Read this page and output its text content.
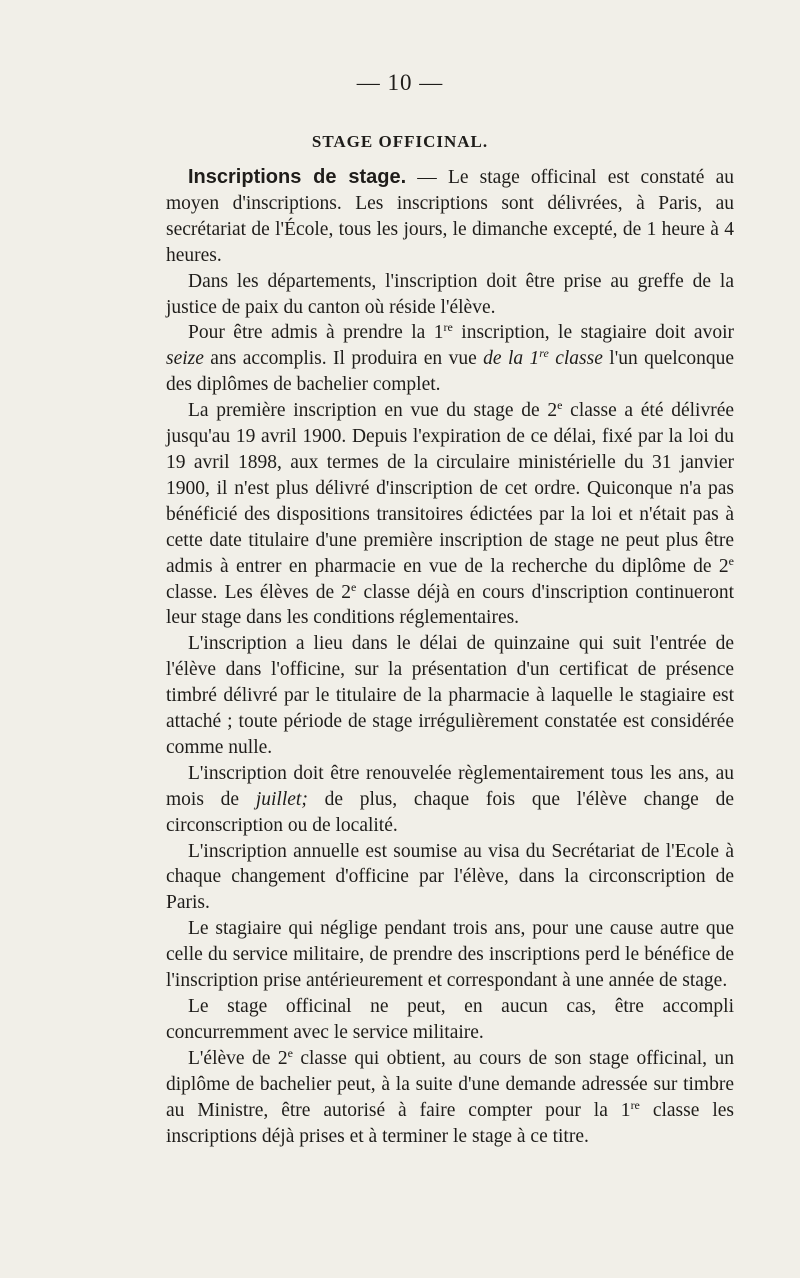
— 10 —
STAGE OFFICINAL.

Inscriptions de stage. — Le stage officinal est constaté au moyen d'inscriptions. Les inscriptions sont délivrées, à Paris, au secrétariat de l'École, tous les jours, le dimanche excepté, de 1 heure à 4 heures.

Dans les départements, l'inscription doit être prise au greffe de la justice de paix du canton où réside l'élève.

Pour être admis à prendre la 1re inscription, le stagiaire doit avoir seize ans accomplis. Il produira en vue de la 1re classe l'un quelconque des diplômes de bachelier complet.

La première inscription en vue du stage de 2e classe a été délivrée jusqu'au 19 avril 1900. Depuis l'expiration de ce délai, fixé par la loi du 19 avril 1898, aux termes de la circulaire ministérielle du 31 janvier 1900, il n'est plus délivré d'inscription de cet ordre. Quiconque n'a pas bénéficié des dispositions transitoires édictées par la loi et n'était pas à cette date titulaire d'une première inscription de stage ne peut plus être admis à entrer en pharmacie en vue de la recherche du diplôme de 2e classe. Les élèves de 2e classe déjà en cours d'inscription continueront leur stage dans les conditions réglementaires.

L'inscription a lieu dans le délai de quinzaine qui suit l'entrée de l'élève dans l'officine, sur la présentation d'un certificat de présence timbré délivré par le titulaire de la pharmacie à laquelle le stagiaire est attaché ; toute période de stage irrégulièrement constatée est considérée comme nulle.

L'inscription doit être renouvelée règlementairement tous les ans, au mois de juillet; de plus, chaque fois que l'élève change de circonscription ou de localité.

L'inscription annuelle est soumise au visa du Secrétariat de l'Ecole à chaque changement d'officine par l'élève, dans la circonscription de Paris.

Le stagiaire qui néglige pendant trois ans, pour une cause autre que celle du service militaire, de prendre des inscriptions perd le bénéfice de l'inscription prise antérieurement et correspondant à une année de stage.

Le stage officinal ne peut, en aucun cas, être accompli concurremment avec le service militaire.

L'élève de 2e classe qui obtient, au cours de son stage officinal, un diplôme de bachelier peut, à la suite d'une demande adressée sur timbre au Ministre, être autorisé à faire compter pour la 1re classe les inscriptions déjà prises et à terminer le stage à ce titre.
